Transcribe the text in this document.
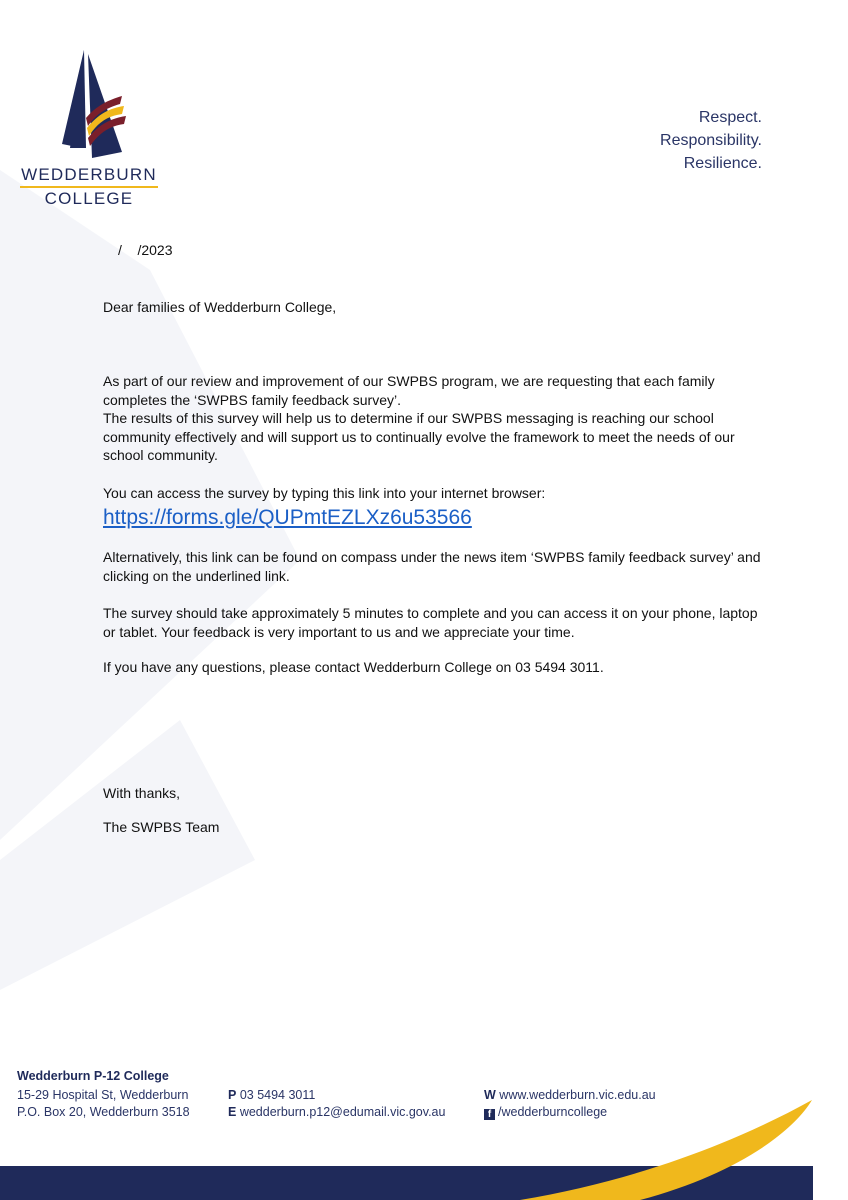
WEDDERBURN
COLLEGE
Respect.
Responsibility.
Resilience.
/    /2023
Dear families of Wedderburn College,
As part of our review and improvement of our SWPBS program, we are requesting that each family completes the ‘SWPBS family feedback survey’.
The results of this survey will help us to determine if our SWPBS messaging is reaching our school community effectively and will support us to continually evolve the framework to meet the needs of our school community.
You can access the survey by typing this link into your internet browser:
https://forms.gle/QUPmtEZLXz6u53566
Alternatively, this link can be found on compass under the news item ‘SWPBS family feedback survey’ and clicking on the underlined link.
The survey should take approximately 5 minutes to complete and you can access it on your phone, laptop or tablet. Your feedback is very important to us and we appreciate your time.
If you have any questions, please contact Wedderburn College on 03 5494 3011.
With thanks,
The SWPBS Team
Wedderburn P-12 College
15-29 Hospital St, Wedderburn
P.O. Box 20, Wedderburn 3518
P 03 5494 3011
E wedderburn.p12@edumail.vic.gov.au
W www.wedderburn.vic.edu.au
f /wedderburncollege
